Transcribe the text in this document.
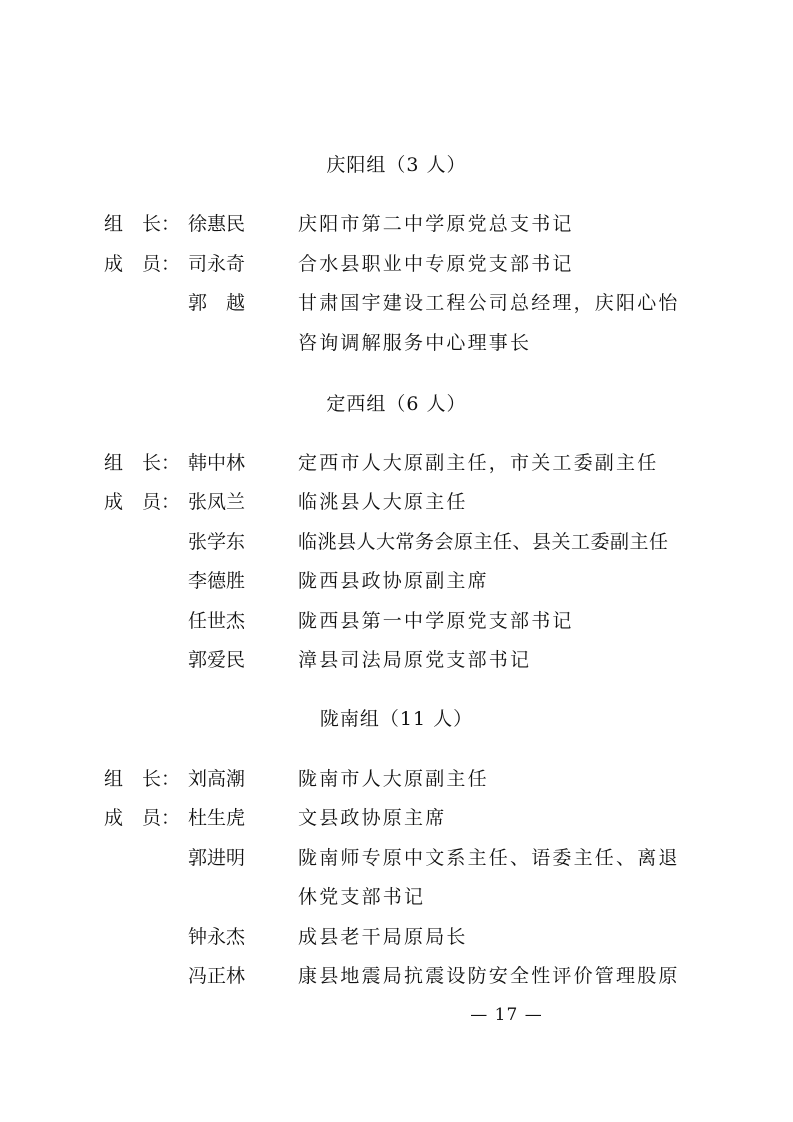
庆阳组（3 人）
组　长： 徐惠民	庆阳市第二中学原党总支书记
成　员： 司永奇	合水县职业中专原党支部书记
郭　越	甘肃国宇建设工程公司总经理，庆阳心怡
咨询调解服务中心理事长
定西组（6 人）
组　长： 韩中林	定西市人大原副主任，市关工委副主任
成　员： 张凤兰	临洮县人大原主任
张学东	临洮县人大常务会原主任、县关工委副主任
李德胜	陇西县政协原副主席
任世杰	陇西县第一中学原党支部书记
郭爱民	漳县司法局原党支部书记
陇南组（11 人）
组　长： 刘高潮	陇南市人大原副主任
成　员： 杜生虎	文县政协原主席
郭进明	陇南师专原中文系主任、语委主任、离退
休党支部书记
钟永杰	成县老干局原局长
冯正林	康县地震局抗震设防安全性评价管理股原
— 17 —
